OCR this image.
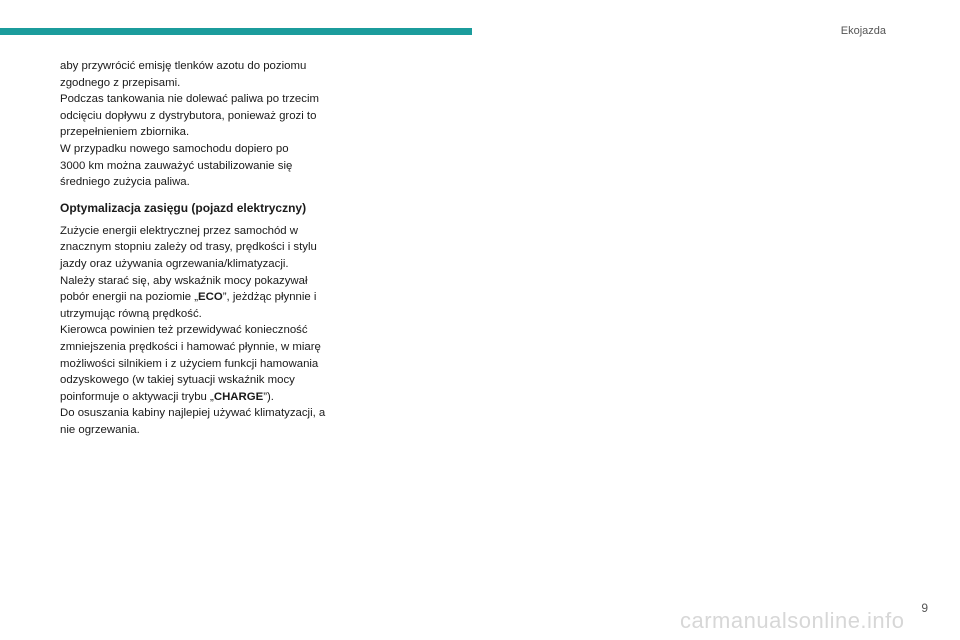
Ekojazda

aby przywrócić emisję tlenków azotu do poziomu
zgodnego z przepisami.
Podczas tankowania nie dolewać paliwa po trzecim
odcięciu dopływu z dystrybutora, ponieważ grozi to
przepełnieniem zbiornika.
W przypadku nowego samochodu dopiero po
3000 km można zauważyć ustabilizowanie się
średniego zużycia paliwa.

Optymalizacja zasięgu (pojazd elektryczny)

Zużycie energii elektrycznej przez samochód w
znacznym stopniu zależy od trasy, prędkości i stylu
jazdy oraz używania ogrzewania/klimatyzacji.
Należy starać się, aby wskaźnik mocy pokazywał
pobór energii na poziomie „ECO”, jeżdżąc płynnie i
utrzymując równą prędkość.
Kierowca powinien też przewidywać konieczność
zmniejszenia prędkości i hamować płynnie, w miarę
możliwości silnikiem i z użyciem funkcji hamowania
odzyskowego (w takiej sytuacji wskaźnik mocy
poinformuje o aktywacji trybu „CHARGE”).
Do osuszania kabiny najlepiej używać klimatyzacji, a
nie ogrzewania.

9
carmanualsonline.info
